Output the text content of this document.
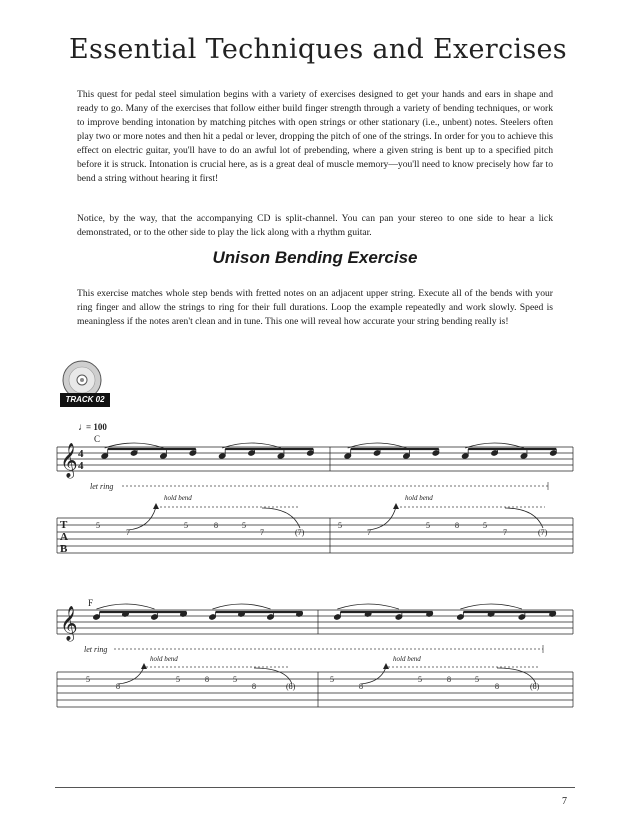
Essential Techniques and Exercises

This quest for pedal steel simulation begins with a variety of exercises designed to get your hands and ears in shape and ready to go. Many of the exercises that follow either build finger strength through a variety of bending techniques, or work to improve bending intonation by matching pitches with open strings or other stationary (i.e., unbent) notes. Steelers often play two or more notes and then hit a pedal or lever, dropping the pitch of one of the strings. In order for you to achieve this effect on electric guitar, you'll have to do an awful lot of prebending, where a given string is bent up to a specified pitch before it is struck. Intonation is crucial here, as is a great deal of muscle memory—you'll need to know precisely how far to bend a string without hearing it first!

Notice, by the way, that the accompanying CD is split-channel. You can pan your stereo to one side to hear a lick demonstrated, or to the other side to play the lick along with a rhythm guitar.

Unison Bending Exercise

This exercise matches whole step bends with fretted notes on an adjacent upper string. Execute all of the bends with your ring finger and allow the strings to ring for their full durations. Loop the example repeatedly and work slowly. Speed is meaningless if the notes aren't clean and in tune. This one will reveal how accurate your string bending really is!

TRACK 02
𝄞
𝄞
4
4
♩
= 100
C
F
let ring
let ring
hold bend	hold bend
hold bend	hold bend
T
A
B
5
7
5	8	5
7	(7)
5
7
5	8	5
7	(7)
5
8
5	8	5
8	(8)
5
8
5	8	5
8	(8)
7
